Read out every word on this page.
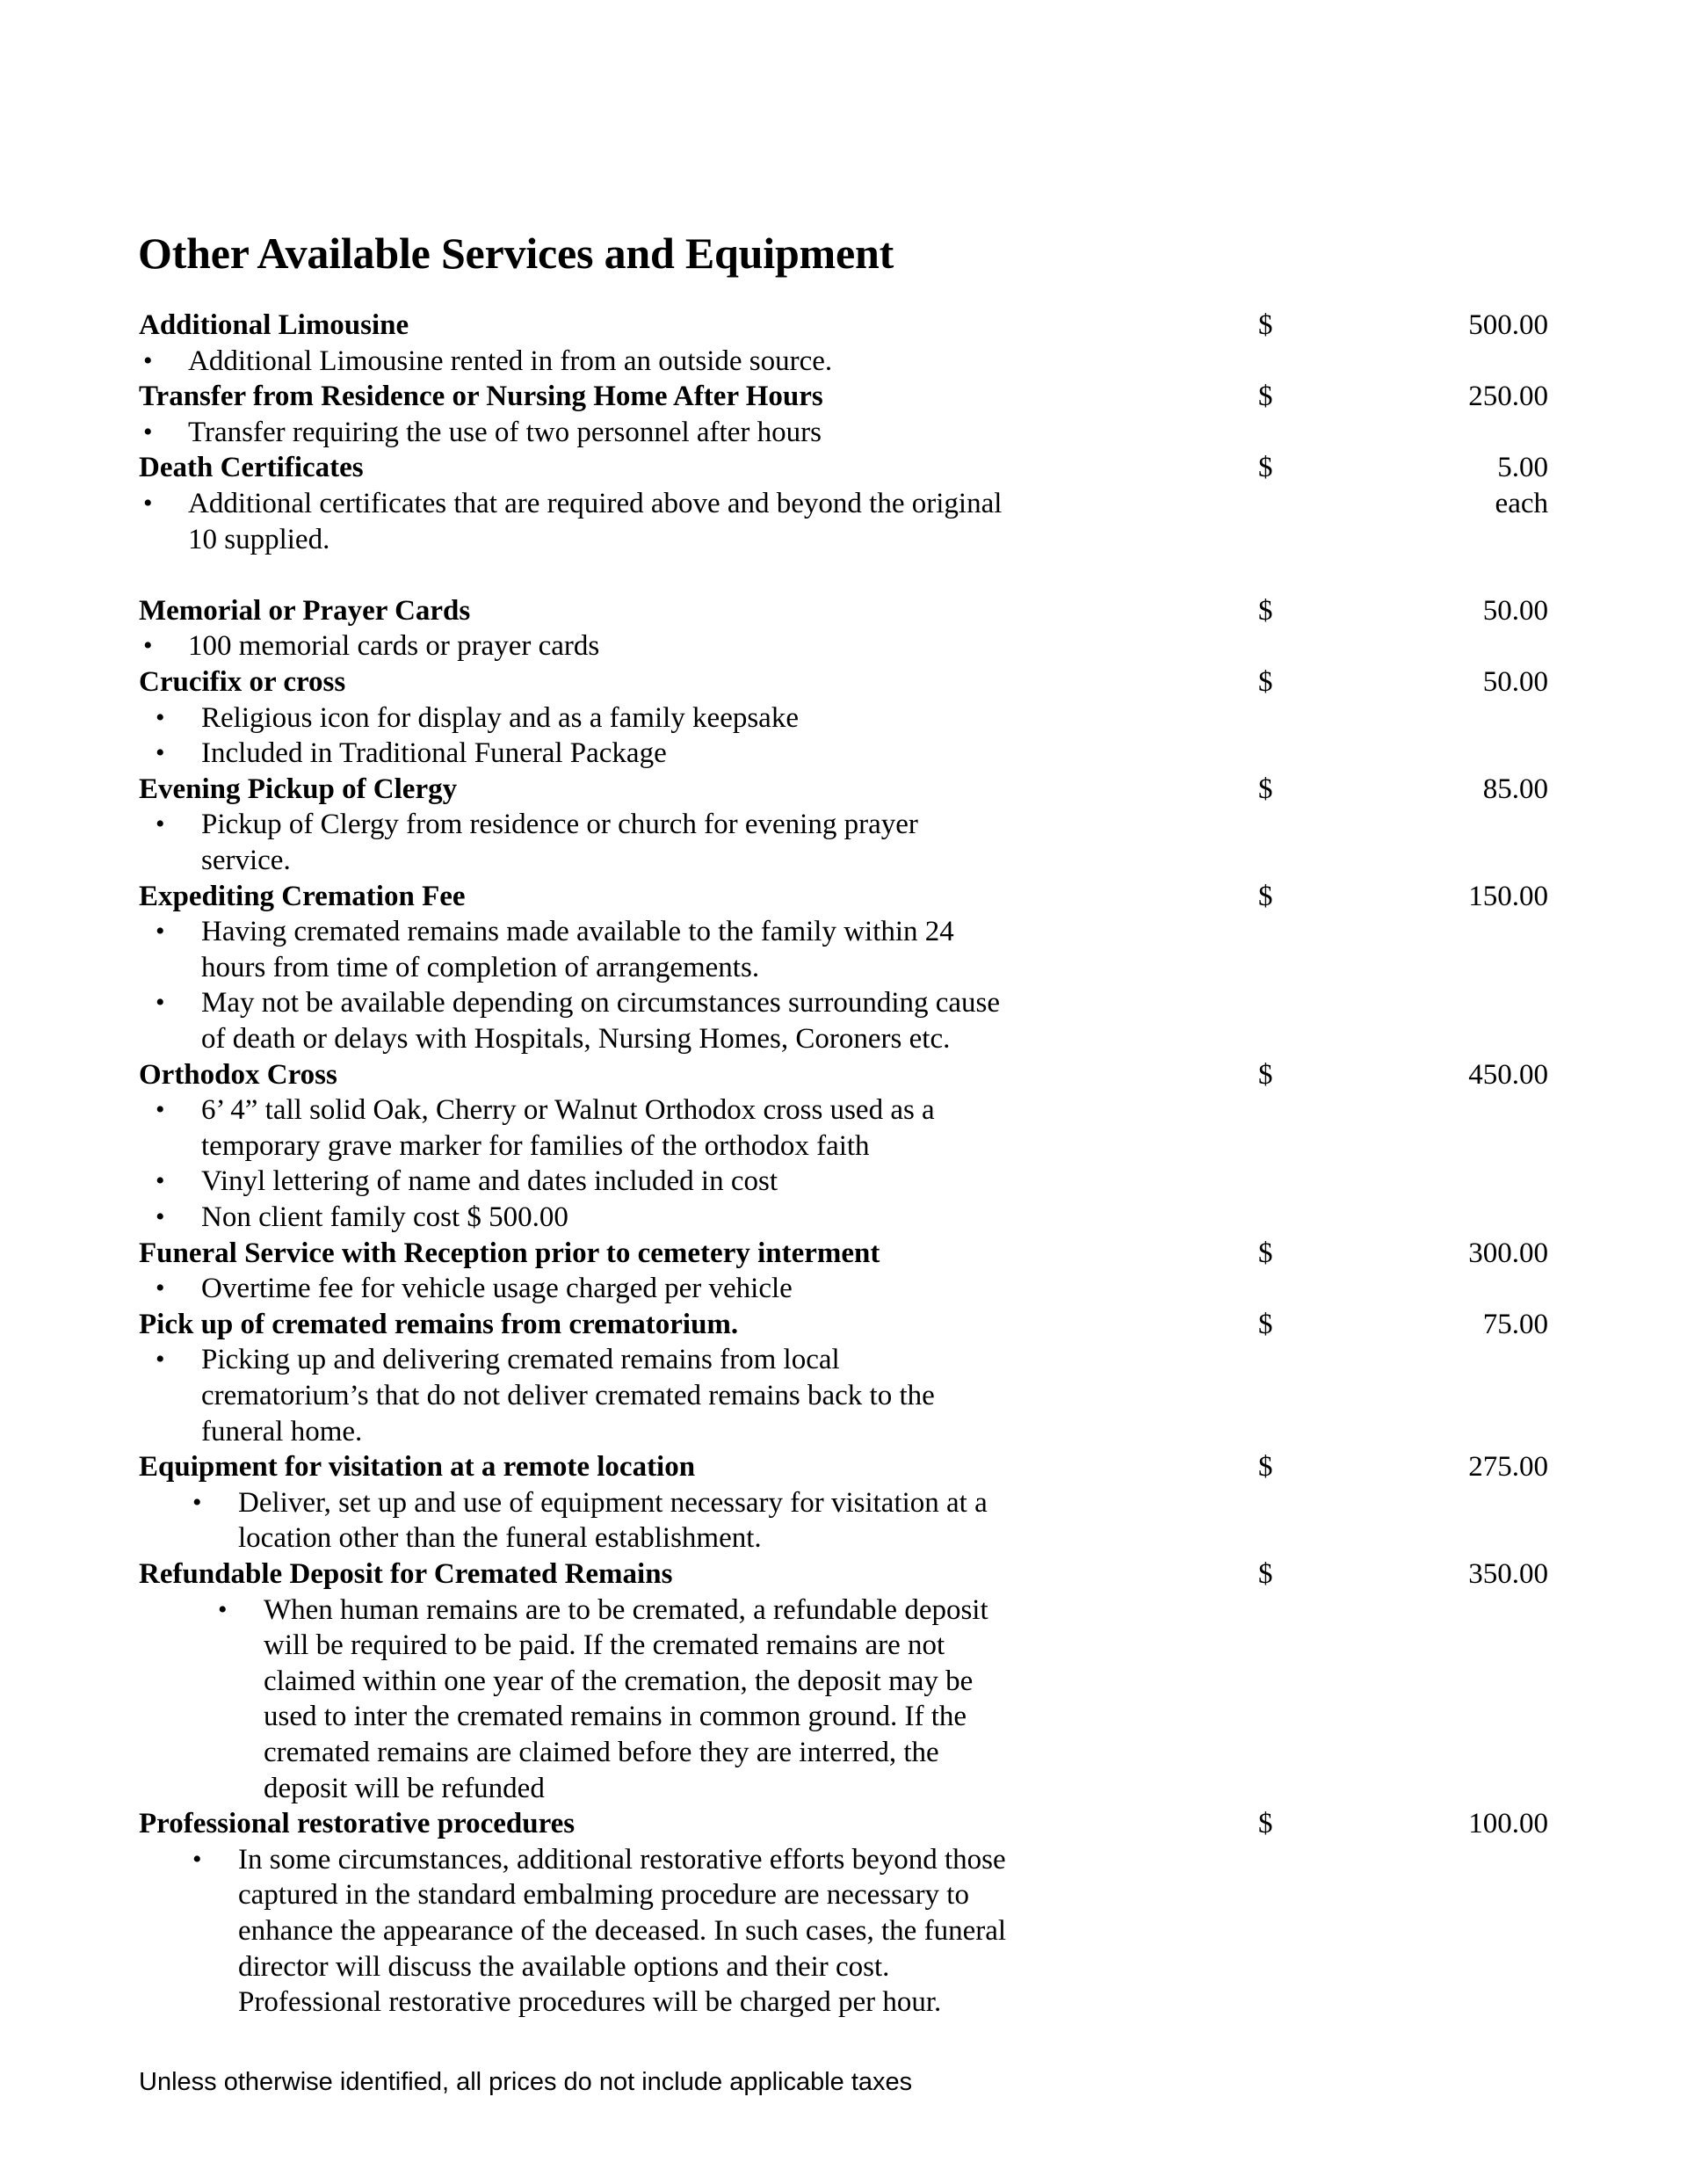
Other Available Services and Equipment
Additional Limousine	$	500.00
• Additional Limousine rented in from an outside source.
Transfer from Residence or Nursing Home After Hours	$	250.00
• Transfer requiring the use of two personnel after hours
Death Certificates	$	5.00
each
• Additional certificates that are required above and beyond the original
10 supplied.
Memorial or Prayer Cards	$	50.00
• 100 memorial cards or prayer cards
Crucifix or cross	$	50.00
• Religious icon for display and as a family keepsake
• Included in Traditional Funeral Package
Evening Pickup of Clergy	$	85.00
• Pickup of Clergy from residence or church for evening prayer
service.
Expediting Cremation Fee	$	150.00
• Having cremated remains made available to the family within 24
hours from time of completion of arrangements.
• May not be available depending on circumstances surrounding cause
of death or delays with Hospitals, Nursing Homes, Coroners etc.
Orthodox Cross	$	450.00
• 6’ 4” tall solid Oak, Cherry or Walnut Orthodox cross used as a
temporary grave marker for families of the orthodox faith
• Vinyl lettering of name and dates included in cost
• Non client family cost $ 500.00
Funeral Service with Reception prior to cemetery interment	$	300.00
• Overtime fee for vehicle usage charged per vehicle
Pick up of cremated remains from crematorium.	$	75.00
• Picking up and delivering cremated remains from local
crematorium’s that do not deliver cremated remains back to the
funeral home.
Equipment for visitation at a remote location	$	275.00
• Deliver, set up and use of equipment necessary for visitation at a
location other than the funeral establishment.
Refundable Deposit for Cremated Remains	$	350.00
• When human remains are to be cremated, a refundable deposit
will be required to be paid. If the cremated remains are not
claimed within one year of the cremation, the deposit may be
used to inter the cremated remains in common ground. If the
cremated remains are claimed before they are interred, the
deposit will be refunded
Professional restorative procedures	$	100.00
• In some circumstances, additional restorative efforts beyond those
captured in the standard embalming procedure are necessary to
enhance the appearance of the deceased. In such cases, the funeral
director will discuss the available options and their cost.
Professional restorative procedures will be charged per hour.
Unless otherwise identified, all prices do not include applicable taxes
